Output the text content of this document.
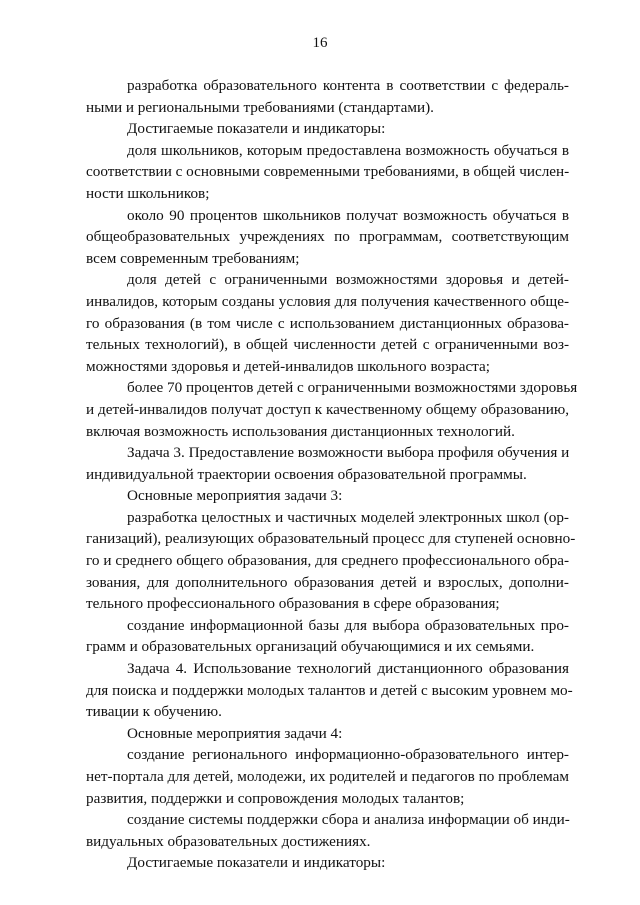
16
разработка образовательного контента в соответствии с федераль-
ными и региональными требованиями (стандартами).
Достигаемые показатели и индикаторы:
доля школьников, которым предоставлена возможность обучаться в
соответствии с основными современными требованиями, в общей числен-
ности школьников;
около 90 процентов школьников получат возможность обучаться в
общеобразовательных учреждениях по программам, соответствующим
всем современным требованиям;
доля детей с ограниченными возможностями здоровья и детей-
инвалидов, которым созданы условия для получения качественного обще-
го образования (в том числе с использованием дистанционных образова-
тельных технологий), в общей численности детей с ограниченными воз-
можностями здоровья и детей-инвалидов школьного возраста;
более 70 процентов детей с ограниченными возможностями здоровья
и детей-инвалидов получат доступ к качественному общему образованию,
включая возможность использования дистанционных технологий.
Задача 3. Предоставление возможности выбора профиля обучения и
индивидуальной траектории освоения образовательной программы.
Основные мероприятия задачи 3:
разработка целостных и частичных моделей электронных школ (ор-
ганизаций), реализующих образовательный процесс для ступеней основно-
го и среднего общего образования, для среднего профессионального обра-
зования, для дополнительного образования детей и взрослых, дополни-
тельного профессионального образования в сфере образования;
создание информационной базы для выбора образовательных про-
грамм и образовательных организаций обучающимися и их семьями.
Задача 4. Использование технологий дистанционного образования
для поиска и поддержки молодых талантов и детей с высоким уровнем мо-
тивации к обучению.
Основные мероприятия задачи 4:
создание регионального информационно-образовательного интер-
нет-портала для детей, молодежи, их родителей и педагогов по проблемам
развития, поддержки и сопровождения молодых талантов;
создание системы поддержки сбора и анализа информации об инди-
видуальных образовательных достижениях.
Достигаемые показатели и индикаторы:
